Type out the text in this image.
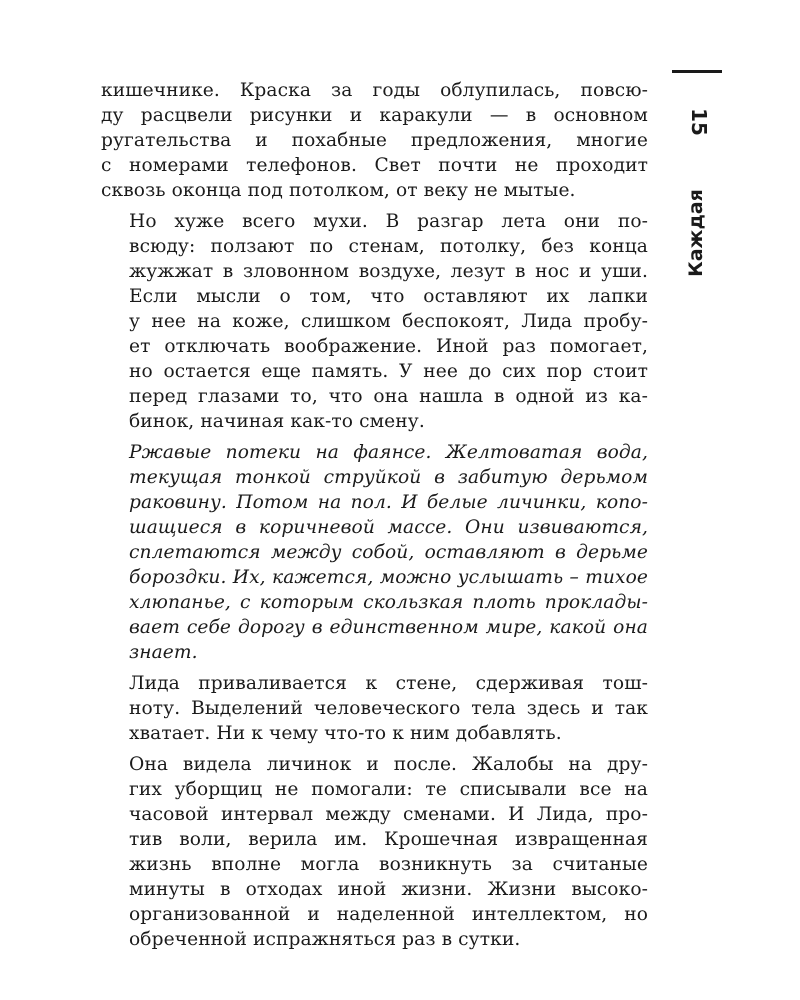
кишечнике. Краска за годы облупилась, повсю-
ду расцвели рисунки и каракули — в основном
ругательства и похабные предложения, многие
с номерами телефонов. Свет почти не проходит
сквозь оконца под потолком, от веку не мытые.

Но хуже всего мухи. В разгар лета они по-
всюду: ползают по стенам, потолку, без конца
жужжат в зловонном воздухе, лезут в нос и уши.
Если мысли о том, что оставляют их лапки
у нее на коже, слишком беспокоят, Лида пробу-
ет отключать воображение. Иной раз помогает,
но остается еще память. У нее до сих пор стоит
перед глазами то, что она нашла в одной из ка-
бинок, начиная как-то смену.

Ржавые потеки на фаянсе. Желтоватая вода,
текущая тонкой струйкой в забитую дерьмом
раковину. Потом на пол. И белые личинки, копо-
шащиеся в коричневой массе. Они извиваются,
сплетаются между собой, оставляют в дерьме
бороздки. Их, кажется, можно услышать – тихое
хлюпанье, с которым скользкая плоть проклады-
вает себе дорогу в единственном мире, какой она
знает.

Лида приваливается к стене, сдерживая тош-
ноту. Выделений человеческого тела здесь и так
хватает. Ни к чему что-то к ним добавлять.

Она видела личинок и после. Жалобы на дру-
гих уборщиц не помогали: те списывали все на
часовой интервал между сменами. И Лида, про-
тив воли, верила им. Крошечная извращенная
жизнь вполне могла возникнуть за считаные
минуты в отходах иной жизни. Жизни высоко-
организованной и наделенной интеллектом, но
обреченной испражняться раз в сутки.

15
Каждая
